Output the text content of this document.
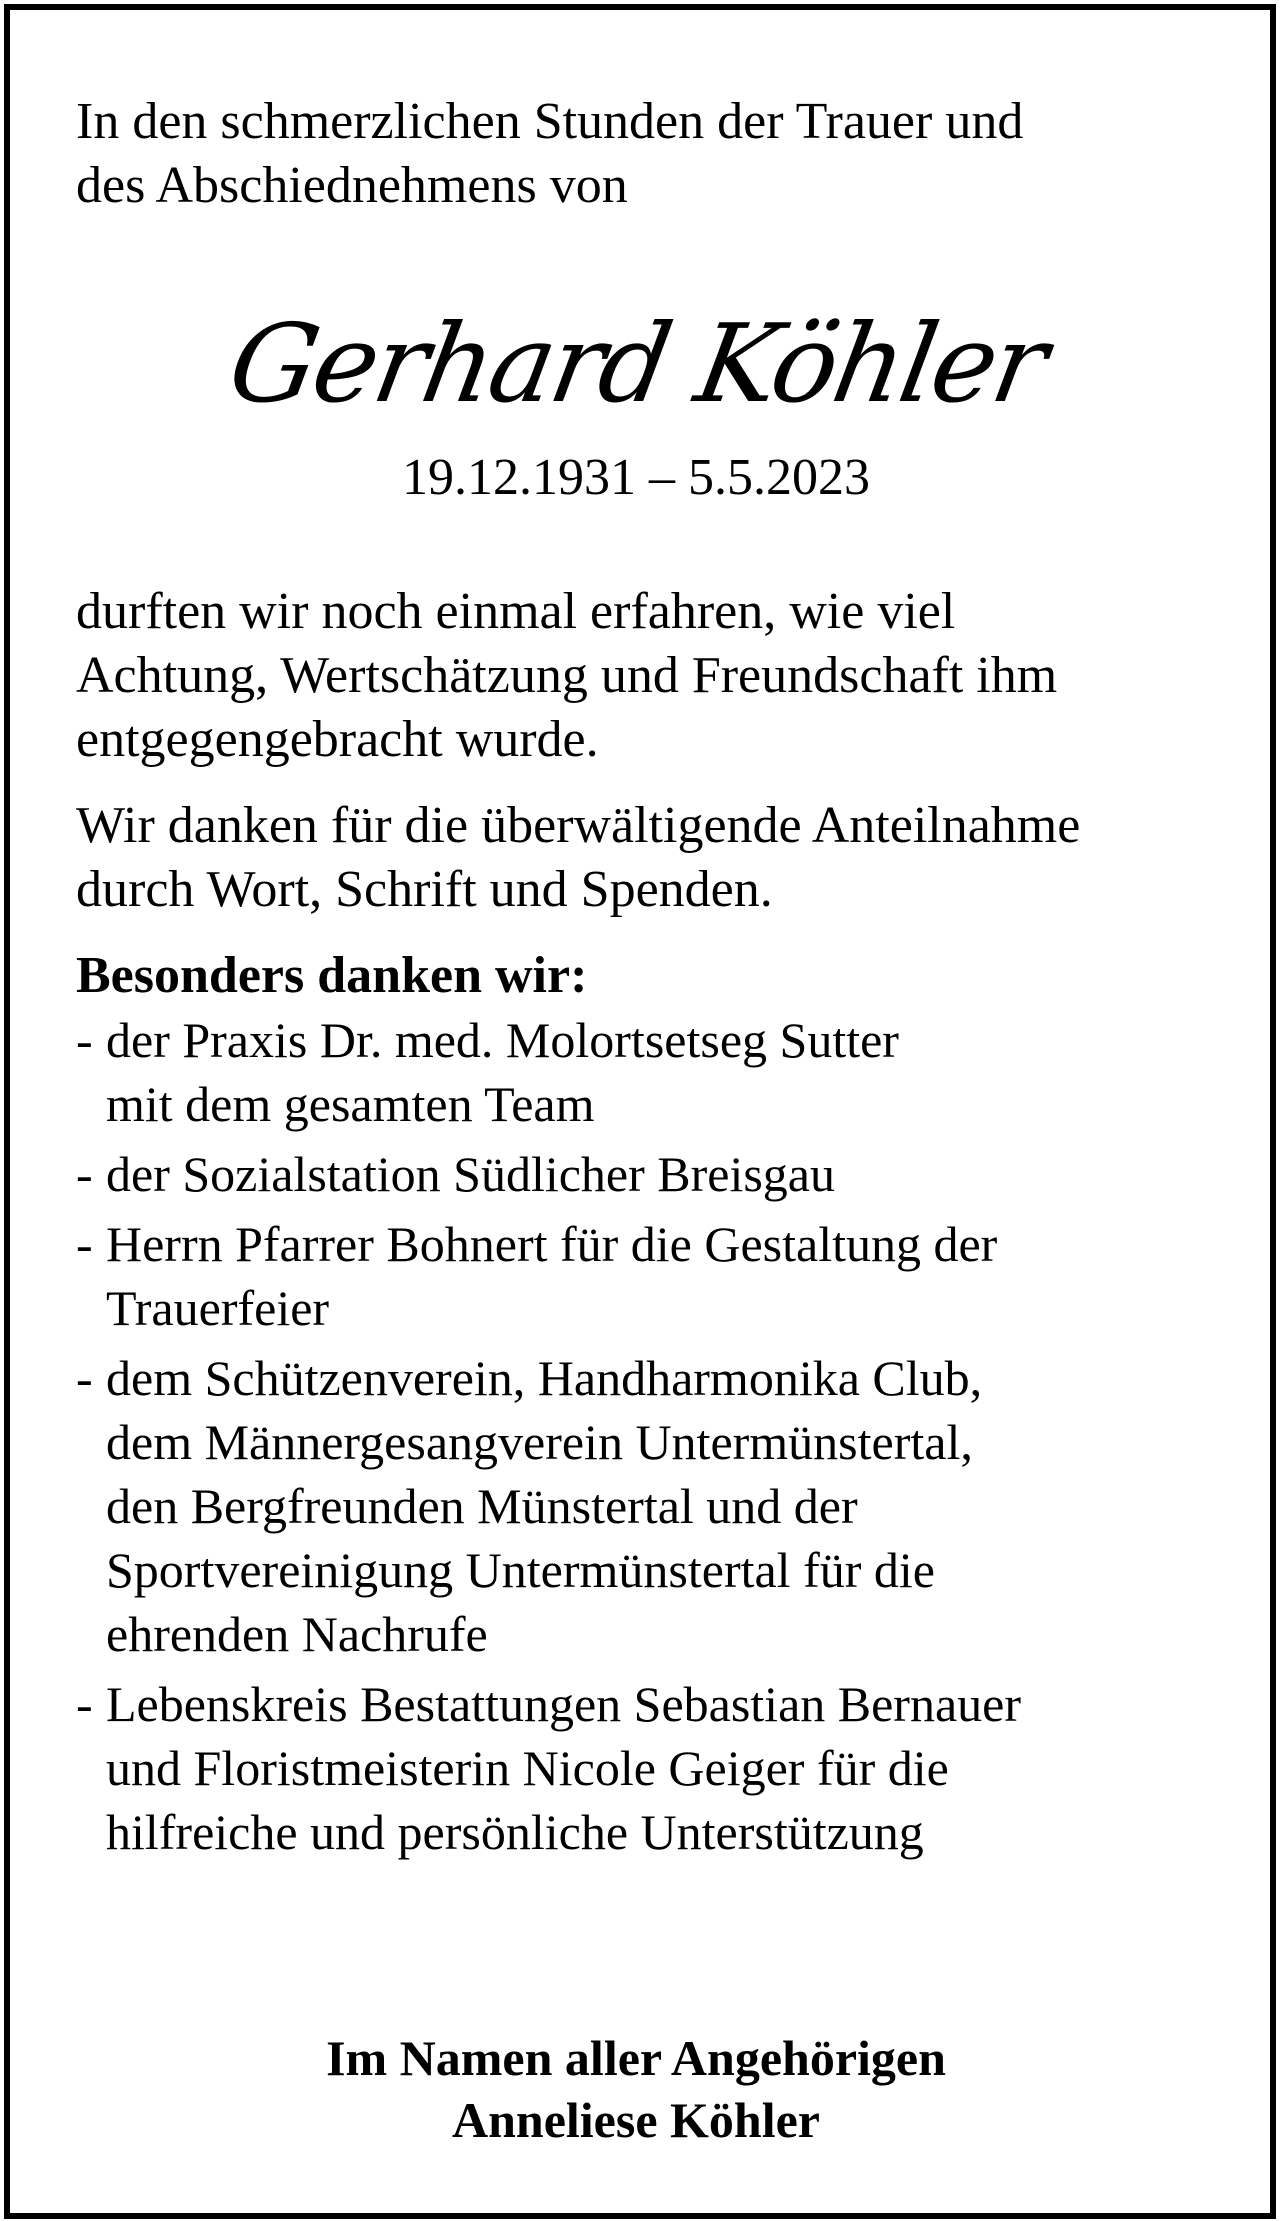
In den schmerzlichen Stunden der Trauer und

des Abschiednehmens von

Gerhard Köhler
19.12.1931 – 5.5.2023

durften wir noch einmal erfahren, wie viel

Achtung, Wertschätzung und Freundschaft ihm

entgegengebracht wurde.

Wir danken für die überwältigende Anteilnahme

durch Wort, Schrift und Spenden.

Besonders danken wir:

- der Praxis Dr. med. Molortsetseg Sutter
mit dem gesamten Team
- der Sozialstation Südlicher Breisgau
- Herrn Pfarrer Bohnert für die Gestaltung der
Trauerfeier
- dem Schützenverein, Handharmonika Club,
dem Männergesangverein Untermünstertal,
den Bergfreunden Münstertal und der
Sportvereinigung Untermünstertal für die
ehrenden Nachrufe
- Lebenskreis Bestattungen Sebastian Bernauer
und Floristmeisterin Nicole Geiger für die
hilfreiche und persönliche Unterstützung
Im Namen aller Angehörigen
Anneliese Köhler
